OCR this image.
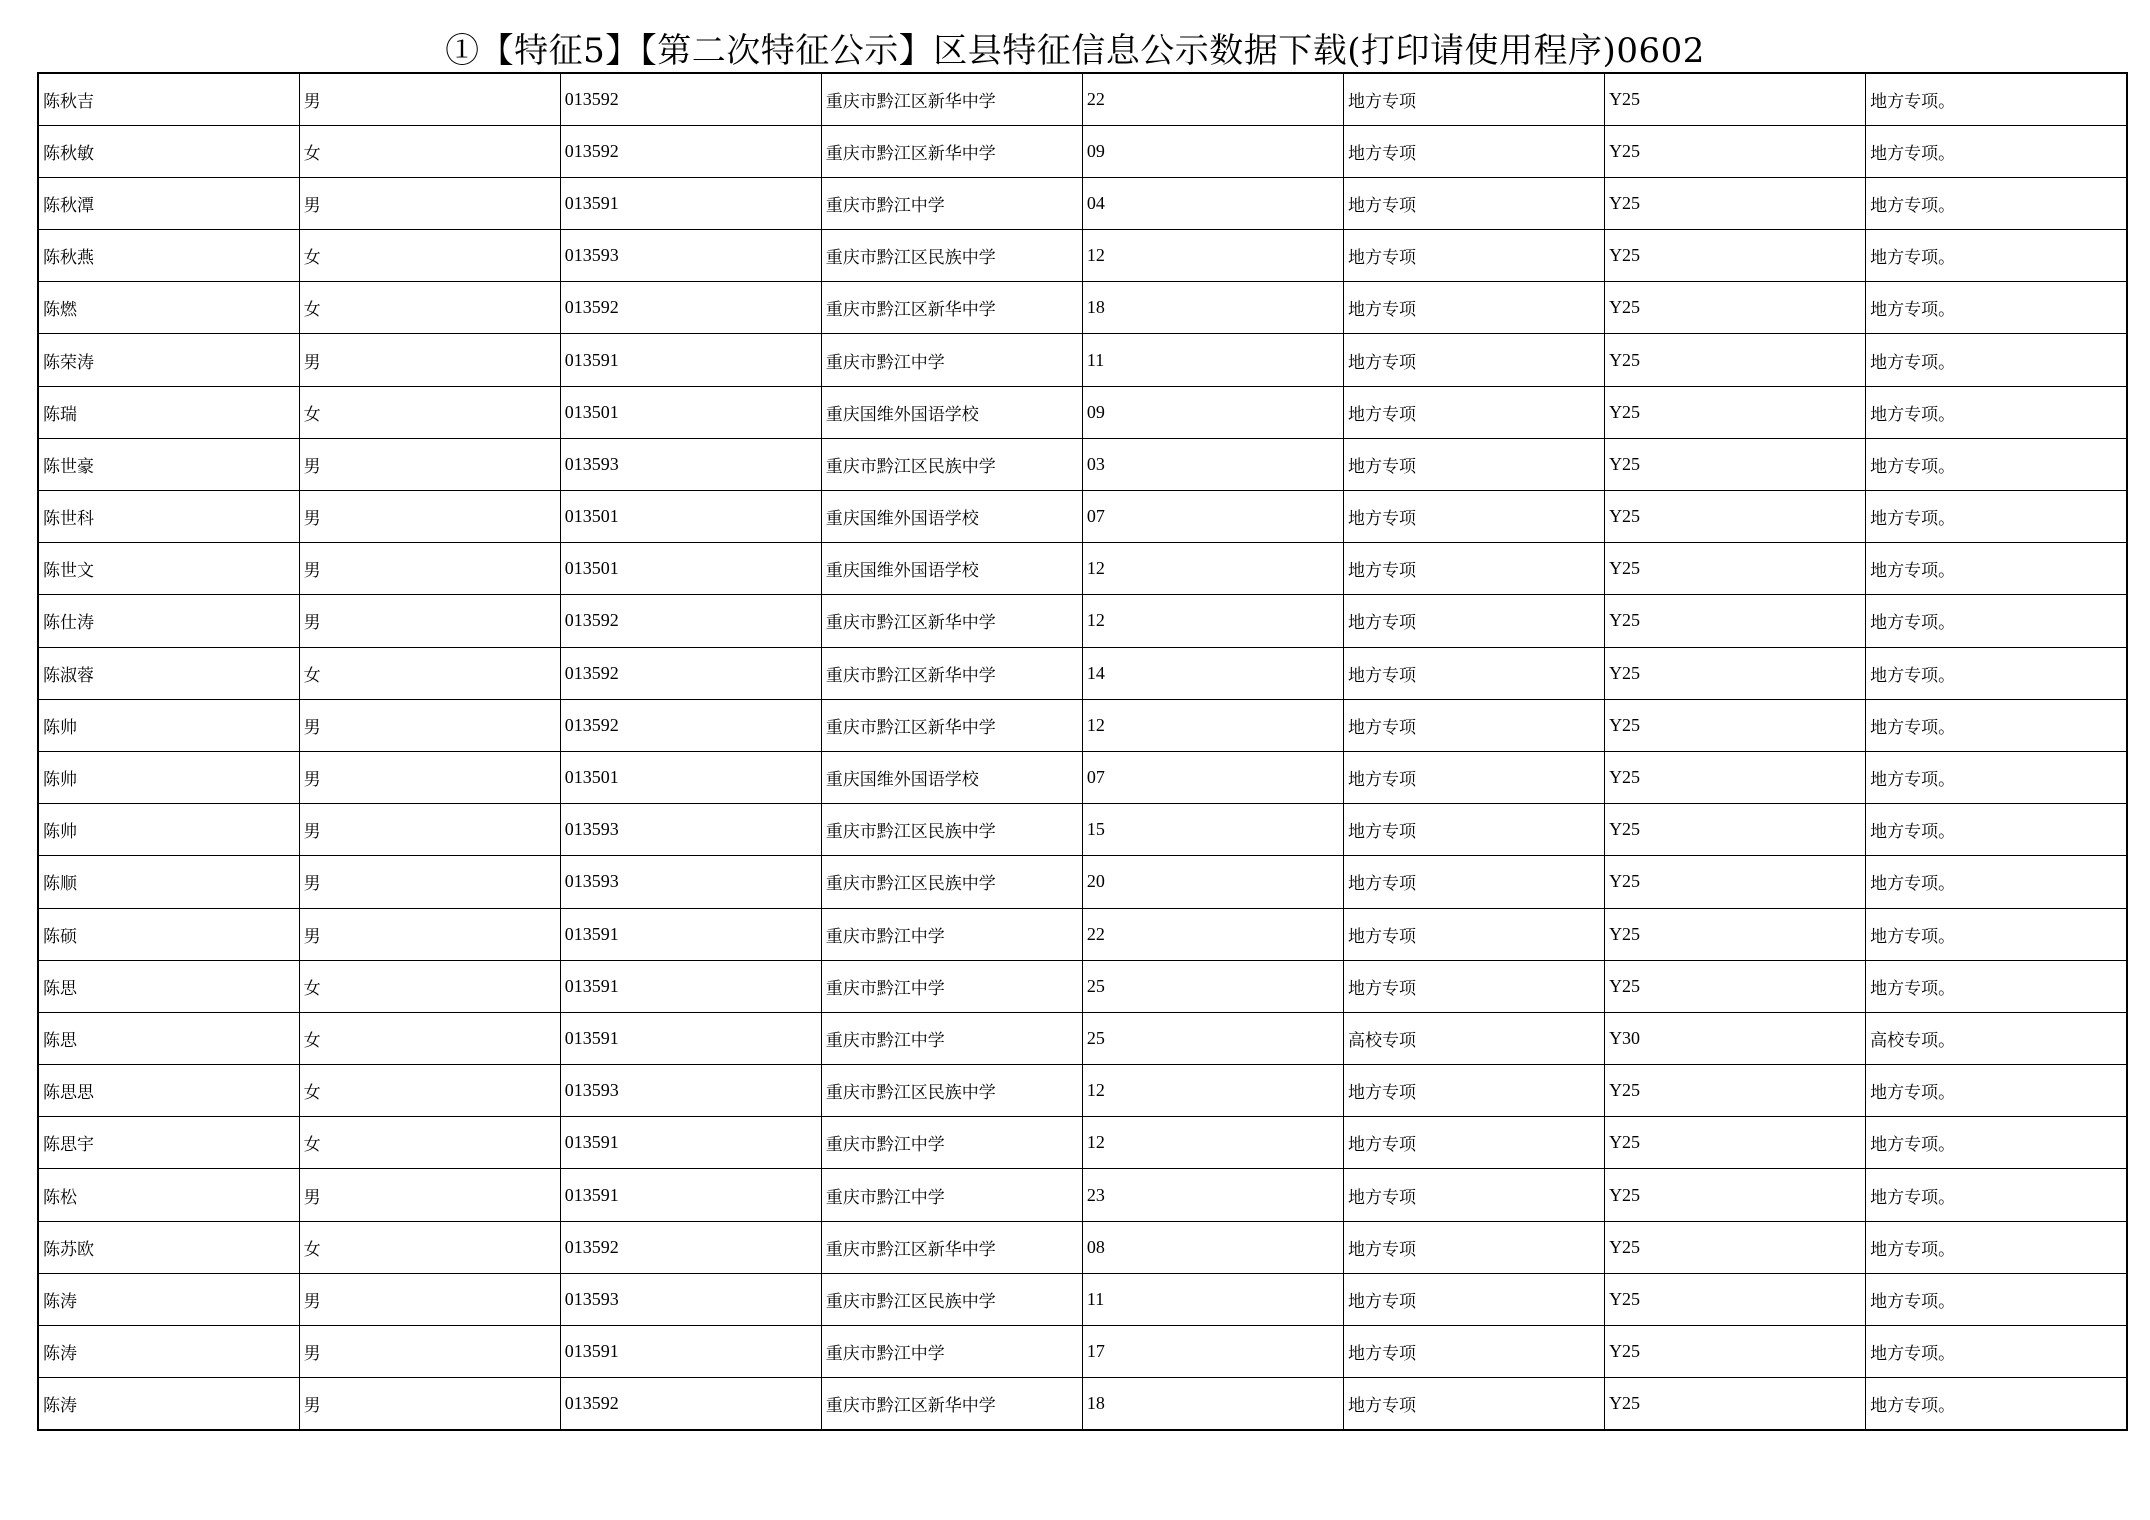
①【特征5】【第二次特征公示】区县特征信息公示数据下载(打印请使用程序)0602
陈秋吉	男	013592	重庆市黔江区新华中学	22	地方专项	Y25	地方专项。
陈秋敏	女	013592	重庆市黔江区新华中学	09	地方专项	Y25	地方专项。
陈秋潭	男	013591	重庆市黔江中学	04	地方专项	Y25	地方专项。
陈秋燕	女	013593	重庆市黔江区民族中学	12	地方专项	Y25	地方专项。
陈燃	女	013592	重庆市黔江区新华中学	18	地方专项	Y25	地方专项。
陈荣涛	男	013591	重庆市黔江中学	11	地方专项	Y25	地方专项。
陈瑞	女	013501	重庆国维外国语学校	09	地方专项	Y25	地方专项。
陈世豪	男	013593	重庆市黔江区民族中学	03	地方专项	Y25	地方专项。
陈世科	男	013501	重庆国维外国语学校	07	地方专项	Y25	地方专项。
陈世文	男	013501	重庆国维外国语学校	12	地方专项	Y25	地方专项。
陈仕涛	男	013592	重庆市黔江区新华中学	12	地方专项	Y25	地方专项。
陈淑蓉	女	013592	重庆市黔江区新华中学	14	地方专项	Y25	地方专项。
陈帅	男	013592	重庆市黔江区新华中学	12	地方专项	Y25	地方专项。
陈帅	男	013501	重庆国维外国语学校	07	地方专项	Y25	地方专项。
陈帅	男	013593	重庆市黔江区民族中学	15	地方专项	Y25	地方专项。
陈顺	男	013593	重庆市黔江区民族中学	20	地方专项	Y25	地方专项。
陈硕	男	013591	重庆市黔江中学	22	地方专项	Y25	地方专项。
陈思	女	013591	重庆市黔江中学	25	地方专项	Y25	地方专项。
陈思	女	013591	重庆市黔江中学	25	高校专项	Y30	高校专项。
陈思思	女	013593	重庆市黔江区民族中学	12	地方专项	Y25	地方专项。
陈思宇	女	013591	重庆市黔江中学	12	地方专项	Y25	地方专项。
陈松	男	013591	重庆市黔江中学	23	地方专项	Y25	地方专项。
陈苏欧	女	013592	重庆市黔江区新华中学	08	地方专项	Y25	地方专项。
陈涛	男	013593	重庆市黔江区民族中学	11	地方专项	Y25	地方专项。
陈涛	男	013591	重庆市黔江中学	17	地方专项	Y25	地方专项。
陈涛	男	013592	重庆市黔江区新华中学	18	地方专项	Y25	地方专项。
